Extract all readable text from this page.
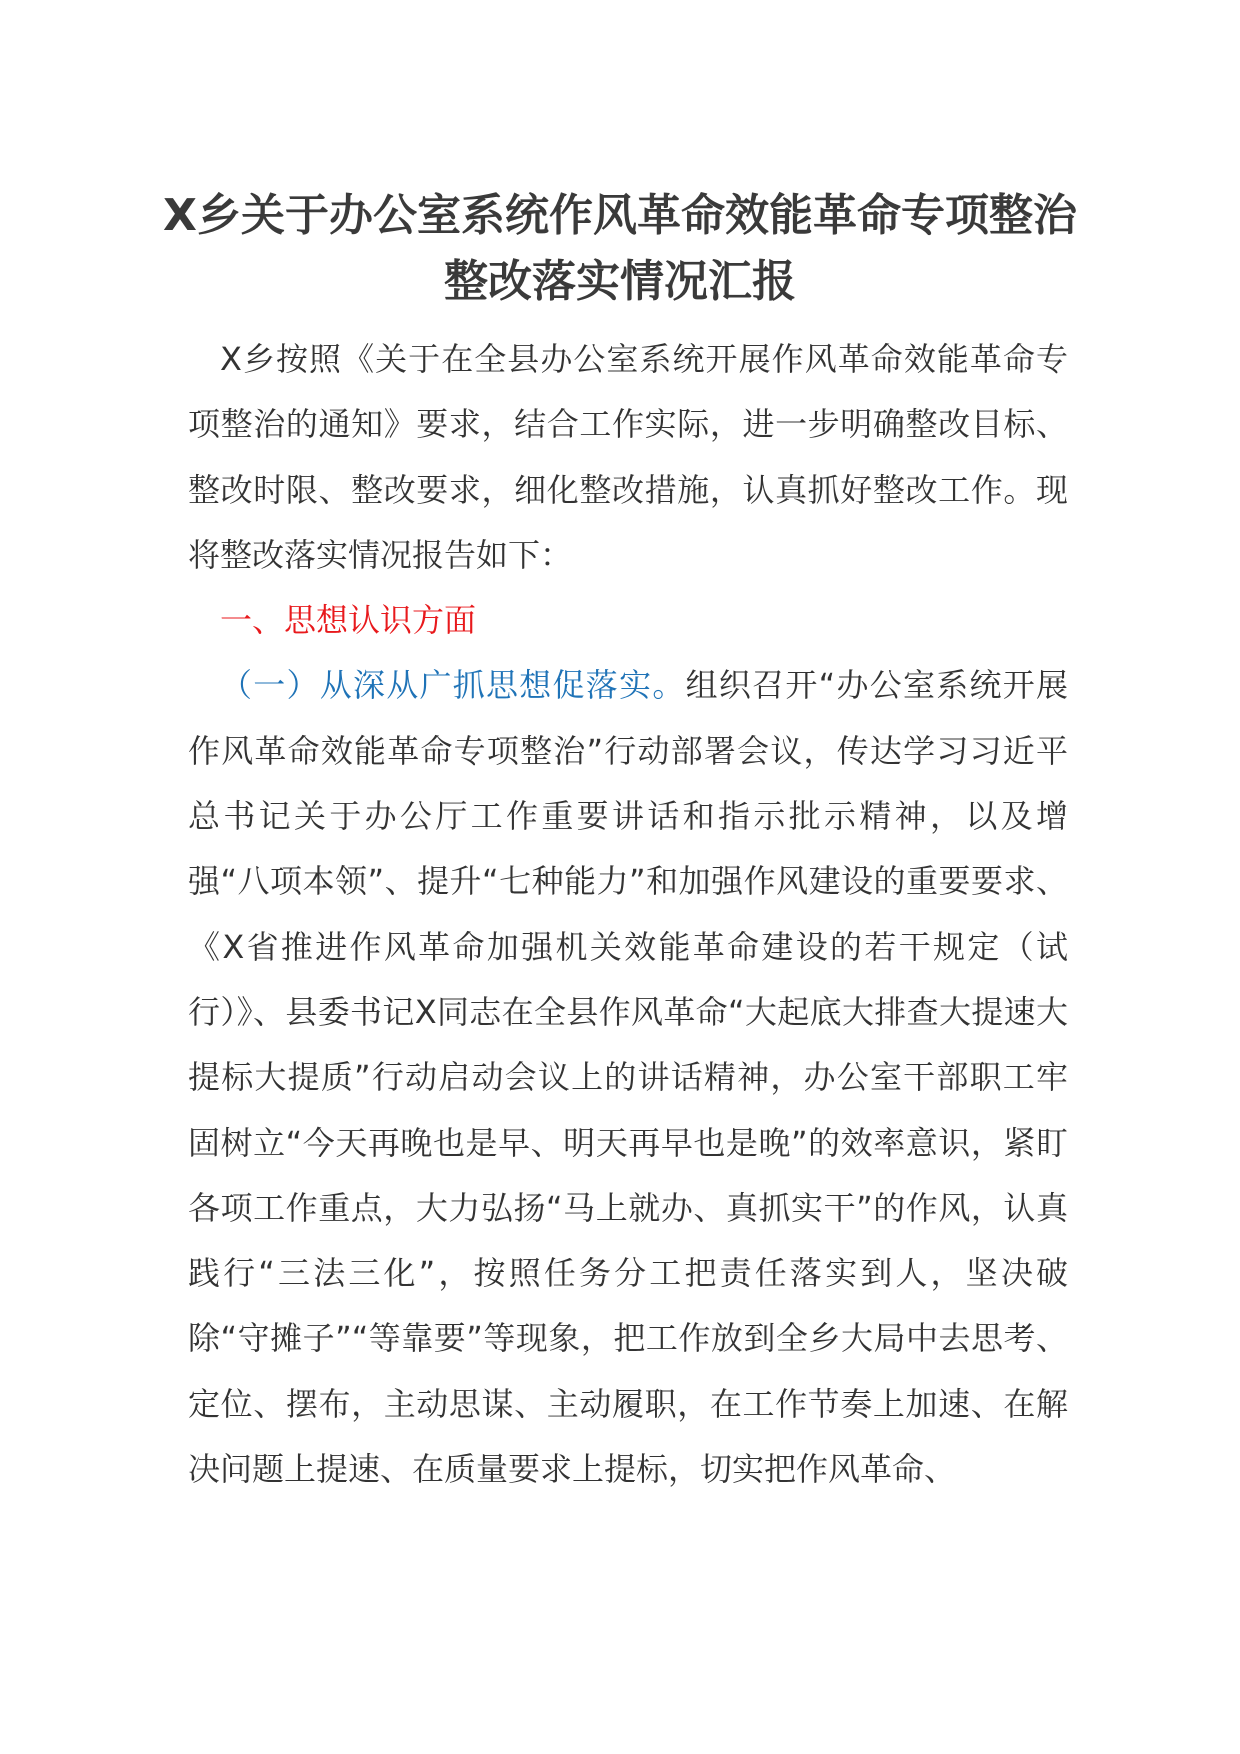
X乡关于办公室系统作风革命效能革命专项整治整改落实情况汇报

X乡按照《关于在全县办公室系统开展作风革命效能革命专项整治的通知》要求，结合工作实际，进一步明确整改目标、整改时限、整改要求，细化整改措施，认真抓好整改工作。现将整改落实情况报告如下：

一、思想认识方面

（一）从深从广抓思想促落实。组织召开“办公室系统开展作风革命效能革命专项整治”行动部署会议，传达学习习近平总书记关于办公厅工作重要讲话和指示批示精神，以及增强“八项本领”、提升“七种能力”和加强作风建设的重要要求、《X省推进作风革命加强机关效能革命建设的若干规定（试行）》、县委书记X同志在全县作风革命“大起底大排查大提速大提标大提质”行动启动会议上的讲话精神，办公室干部职工牢固树立“今天再晚也是早、明天再早也是晚”的效率意识，紧盯各项工作重点，大力弘扬“马上就办、真抓实干”的作风，认真践行“三法三化”，按照任务分工把责任落实到人，坚决破除“守摊子”“等靠要”等现象，把工作放到全乡大局中去思考、定位、摆布，主动思谋、主动履职，在工作节奏上加速、在解决问题上提速、在质量要求上提标，切实把作风革命、
